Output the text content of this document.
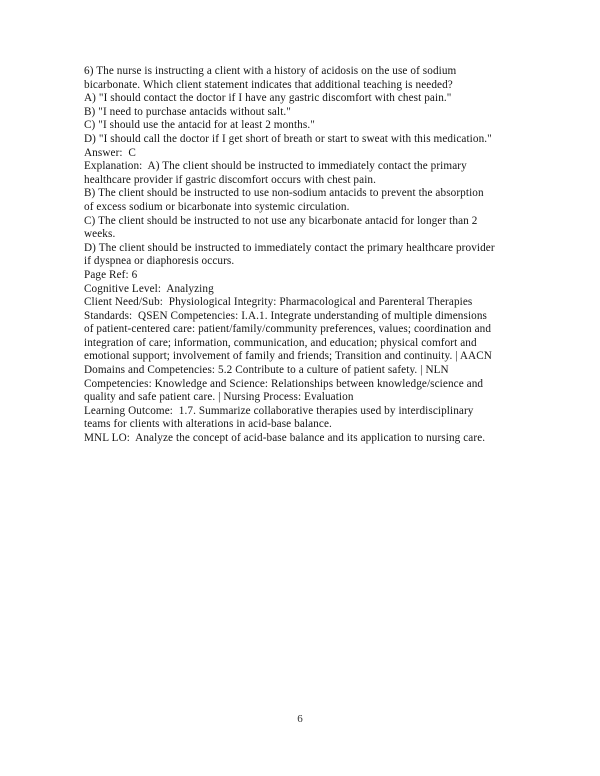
6) The nurse is instructing a client with a history of acidosis on the use of sodium
bicarbonate. Which client statement indicates that additional teaching is needed?
A) "I should contact the doctor if I have any gastric discomfort with chest pain."
B) "I need to purchase antacids without salt."
C) "I should use the antacid for at least 2 months."
D) "I should call the doctor if I get short of breath or start to sweat with this medication."
Answer:  C
Explanation:  A) The client should be instructed to immediately contact the primary
healthcare provider if gastric discomfort occurs with chest pain.
B) The client should be instructed to use non-sodium antacids to prevent the absorption
of excess sodium or bicarbonate into systemic circulation.
C) The client should be instructed to not use any bicarbonate antacid for longer than 2
weeks.
D) The client should be instructed to immediately contact the primary healthcare provider
if dyspnea or diaphoresis occurs.
Page Ref: 6
Cognitive Level:  Analyzing
Client Need/Sub:  Physiological Integrity: Pharmacological and Parenteral Therapies
Standards:  QSEN Competencies: I.A.1. Integrate understanding of multiple dimensions
of patient-centered care: patient/family/community preferences, values; coordination and
integration of care; information, communication, and education; physical comfort and
emotional support; involvement of family and friends; Transition and continuity. | AACN
Domains and Competencies: 5.2 Contribute to a culture of patient safety. | NLN
Competencies: Knowledge and Science: Relationships between knowledge/science and
quality and safe patient care. | Nursing Process: Evaluation
Learning Outcome:  1.7. Summarize collaborative therapies used by interdisciplinary
teams for clients with alterations in acid-base balance.
MNL LO:  Analyze the concept of acid-base balance and its application to nursing care.
6
